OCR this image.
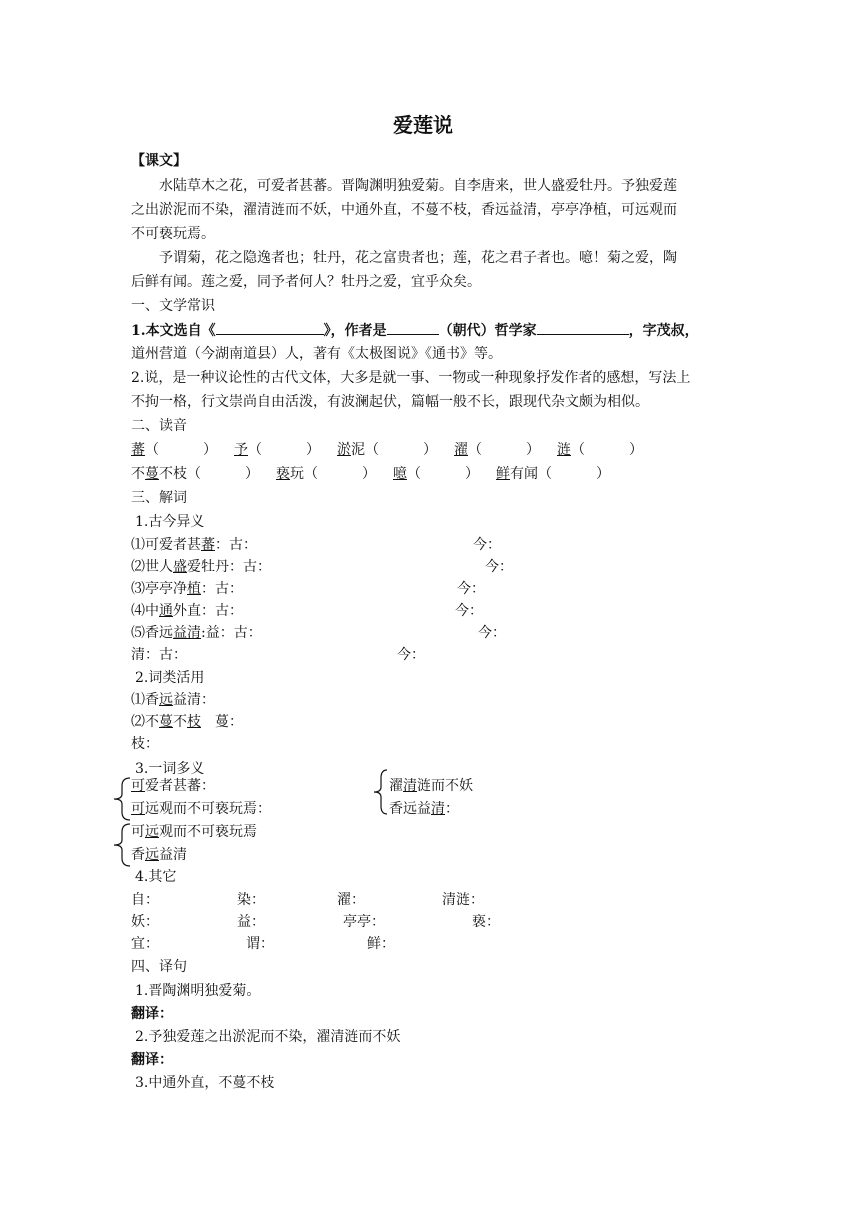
爱莲说
【课文】
水陆草木之花，可爱者甚蕃。晋陶渊明独爱菊。自李唐来，世人盛爱牡丹。予独爱莲
之出淤泥而不染，濯清涟而不妖，中通外直，不蔓不枝，香远益清，亭亭净植，可远观而
不可亵玩焉。
予谓菊，花之隐逸者也；牡丹，花之富贵者也；莲，花之君子者也。噫！菊之爱，陶
后鲜有闻。莲之爱，同予者何人？牡丹之爱，宜乎众矣。
一、文学常识
1.本文选自《	》，作者是	（朝代）哲学家	，字茂叔，
道州营道（今湖南道县）人，著有《太极图说》《通书》等。
2.说，是一种议论性的古代文体，大多是就一事、一物或一种现象抒发作者的感想，写法上
不拘一格，行文崇尚自由活泼，有波澜起伏，篇幅一般不长，跟现代杂文颇为相似。
二、读音
蕃（	） 予（	） 淤泥（	） 濯（	） 涟（	）
不蔓不枝（	） 亵玩（	） 噫（	） 鲜有闻（	）
三、解词
1.古今异义
⑴可爱者甚蕃：古：	今：
⑵世人盛爱牡丹：古：	今：
⑶亭亭净植：古：	今：
⑷中通外直：古：	今：
⑸香远益清:益：古：	今：
清：古：	今：
2.词类活用
⑴香远益清：
⑵不蔓不枝 蔓：
枝：
3.一词多义
可爱者甚蕃：
可远观而不可亵玩焉：
濯清涟而不妖
香远益清：
可远观而不可亵玩焉
香远益清
4.其它
自：	染：	濯：	清涟：
妖：	益：	亭亭：	亵：
宜：	谓：	鲜：
四、译句
1.晋陶渊明独爱菊。
翻译：
2.予独爱莲之出淤泥而不染，濯清涟而不妖
翻译：
3.中通外直，不蔓不枝
